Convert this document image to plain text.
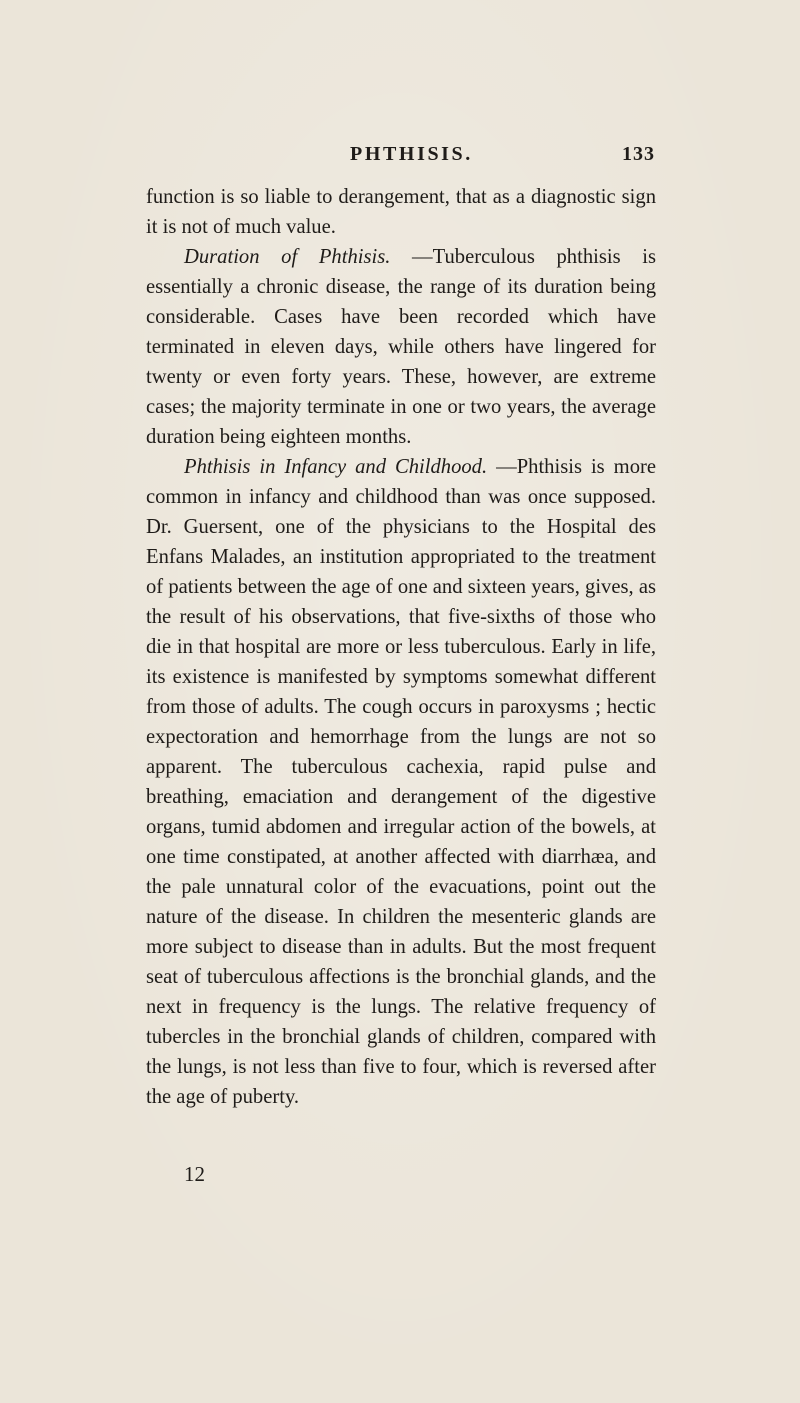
PHTHISIS.	133

function is so liable to derangement, that as a diagnostic sign it is not of much value.

Duration of Phthisis. —Tuberculous phthisis is essentially a chronic disease, the range of its duration being considerable. Cases have been recorded which have terminated in eleven days, while others have lingered for twenty or even forty years. These, however, are extreme cases; the majority terminate in one or two years, the average duration being eighteen months.

Phthisis in Infancy and Childhood. —Phthisis is more common in infancy and childhood than was once supposed. Dr. Guersent, one of the physicians to the Hospital des Enfans Malades, an institution appropriated to the treatment of patients between the age of one and sixteen years, gives, as the result of his observations, that five-sixths of those who die in that hospital are more or less tuberculous. Early in life, its existence is manifested by symptoms somewhat different from those of adults. The cough occurs in paroxysms ; hectic expectoration and hemorrhage from the lungs are not so apparent. The tuberculous cachexia, rapid pulse and breathing, emaciation and derangement of the digestive organs, tumid abdomen and irregular action of the bowels, at one time constipated, at another affected with diarrhæa, and the pale unnatural color of the evacuations, point out the nature of the disease. In children the mesenteric glands are more subject to disease than in adults. But the most frequent seat of tuberculous affections is the bronchial glands, and the next in frequency is the lungs. The relative frequency of tubercles in the bronchial glands of children, compared with the lungs, is not less than five to four, which is reversed after the age of puberty.

12
